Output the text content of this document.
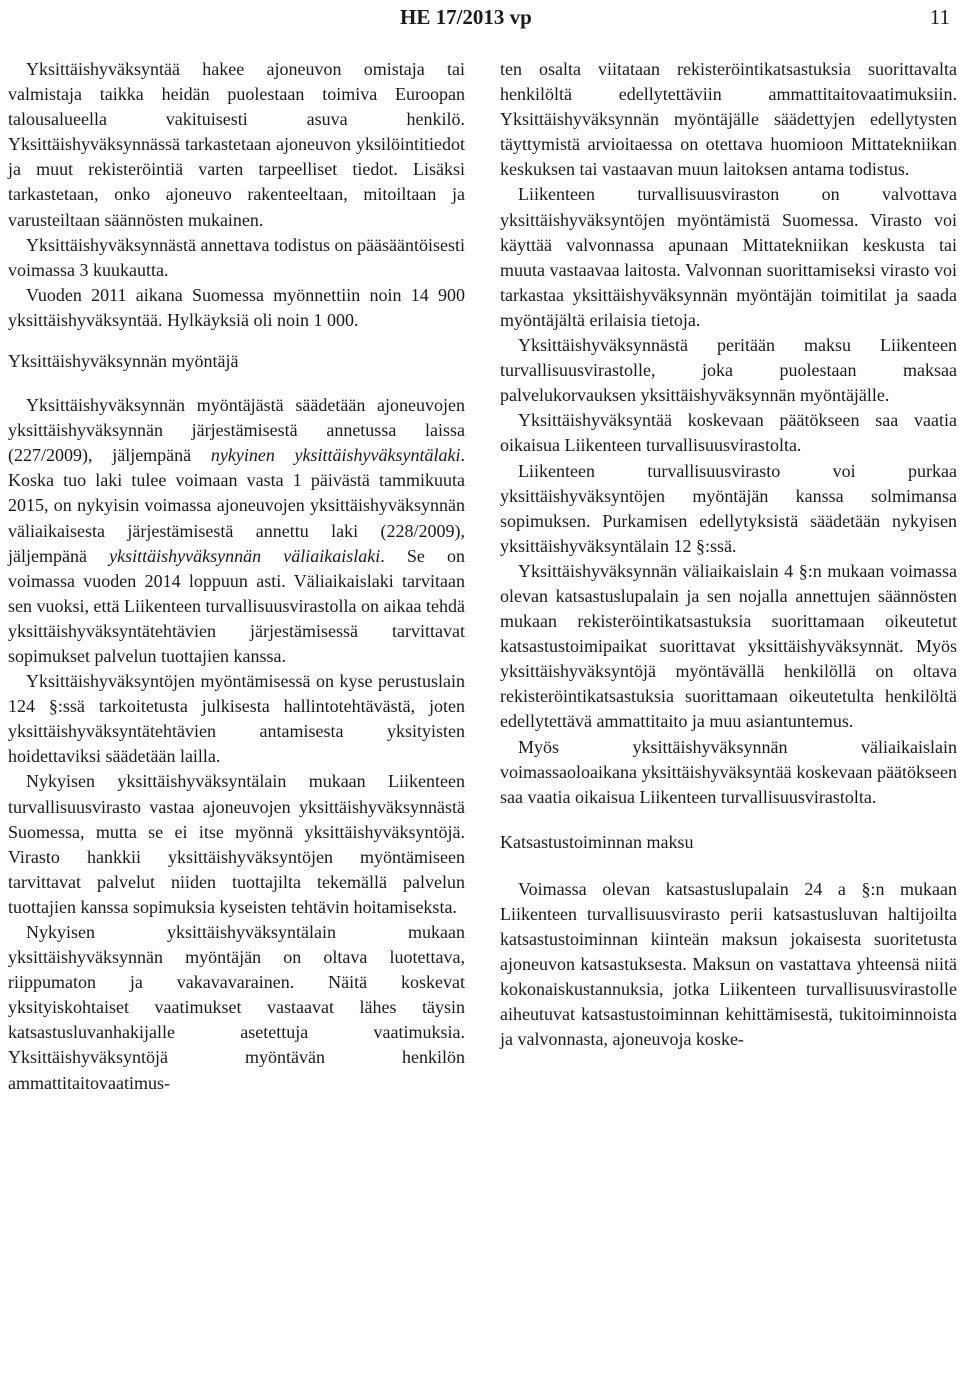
HE 17/2013 vp	11

Yksittäishyväksyntää hakee ajoneuvon omistaja tai valmistaja taikka heidän puolestaan toimiva Euroopan talousalueella vakituisesti asuva henkilö. Yksittäishyväksynnässä tarkastetaan ajoneuvon yksilöintitiedot ja muut rekisteröintiä varten tarpeelliset tiedot. Lisäksi tarkastetaan, onko ajoneuvo rakenteeltaan, mitoiltaan ja varusteiltaan säännösten mukainen.

Yksittäishyväksynnästä annettava todistus on pääsääntöisesti voimassa 3 kuukautta.

Vuoden 2011 aikana Suomessa myönnettiin noin 14 900 yksittäishyväksyntää. Hylkäyksiä oli noin 1 000.

Yksittäishyväksynnän myöntäjä

Yksittäishyväksynnän myöntäjästä säädetään ajoneuvojen yksittäishyväksynnän järjestämisestä annetussa laissa (227/2009), jäljempänä nykyinen yksittäishyväksyntälaki. Koska tuo laki tulee voimaan vasta 1 päivästä tammikuuta 2015, on nykyisin voimassa ajoneuvojen yksittäishyväksynnän väliaikaisesta järjestämisestä annettu laki (228/2009), jäljempänä yksittäishyväksynnän väliaikaislaki. Se on voimassa vuoden 2014 loppuun asti. Väliaikaislaki tarvitaan sen vuoksi, että Liikenteen turvallisuusvirastolla on aikaa tehdä yksittäishyväksyntätehtävien järjestämisessä tarvittavat sopimukset palvelun tuottajien kanssa.

Yksittäishyväksyntöjen myöntämisessä on kyse perustuslain 124 §:ssä tarkoitetusta julkisesta hallintotehtävästä, joten yksittäishyväksyntätehtävien antamisesta yksityisten hoidettaviksi säädetään lailla.

Nykyisen yksittäishyväksyntälain mukaan Liikenteen turvallisuusvirasto vastaa ajoneuvojen yksittäishyväksynnästä Suomessa, mutta se ei itse myönnä yksittäishyväksyntöjä. Virasto hankkii yksittäishyväksyntöjen myöntämiseen tarvittavat palvelut niiden tuottajilta tekemällä palvelun tuottajien kanssa sopimuksia kyseisten tehtävin hoitamiseksta.

Nykyisen yksittäishyväksyntälain mukaan yksittäishyväksynnän myöntäjän on oltava luotettava, riippumaton ja vakavavarainen. Näitä koskevat yksityiskohtaiset vaatimukset vastaavat lähes täysin katsastusluvanhakijalle asetettuja vaatimuksia. Yksittäishyväksyntöjä myöntävän henkilön ammattitaitovaatimus-

ten osalta viitataan rekisteröintikatsastuksia suorittavalta henkilöltä edellytettäviin ammattitaitovaatimuksiin. Yksittäishyväksynnän myöntäjälle säädettyjen edellytysten täyttymistä arvioitaessa on otettava huomioon Mittatekniikan keskuksen tai vastaavan muun laitoksen antama todistus.

Liikenteen turvallisuusviraston on valvottava yksittäishyväksyntöjen myöntämistä Suomessa. Virasto voi käyttää valvonnassa apunaan Mittatekniikan keskusta tai muuta vastaavaa laitosta. Valvonnan suorittamiseksi virasto voi tarkastaa yksittäishyväksynnän myöntäjän toimitilat ja saada myöntäjältä erilaisia tietoja.

Yksittäishyväksynnästä peritään maksu Liikenteen turvallisuusvirastolle, joka puolestaan maksaa palvelukorvauksen yksittäishyväksynnän myöntäjälle.

Yksittäishyväksyntää koskevaan päätökseen saa vaatia oikaisua Liikenteen turvallisuusvirastolta.

Liikenteen turvallisuusvirasto voi purkaa yksittäishyväksyntöjen myöntäjän kanssa solmimansa sopimuksen. Purkamisen edellytyksistä säädetään nykyisen yksittäishyväksyntälain 12 §:ssä.

Yksittäishyväksynnän väliaikaislain 4 §:n mukaan voimassa olevan katsastuslupalain ja sen nojalla annettujen säännösten mukaan rekisteröintikatsastuksia suorittamaan oikeutetut katsastustoimipaikat suorittavat yksittäishyväksynnät. Myös yksittäishyväksyntöjä myöntävällä henkilöllä on oltava rekisteröintikatsastuksia suorittamaan oikeutetulta henkilöltä edellytettävä ammattitaito ja muu asiantuntemus.

Myös yksittäishyväksynnän väliaikaislain voimassaoloaikana yksittäishyväksyntää koskevaan päätökseen saa vaatia oikaisua Liikenteen turvallisuusvirastolta.

Katsastustoiminnan maksu

Voimassa olevan katsastuslupalain 24 a §:n mukaan Liikenteen turvallisuusvirasto perii katsastusluvan haltijoilta katsastustoiminnan kiinteän maksun jokaisesta suoritetusta ajoneuvon katsastuksesta. Maksun on vastattava yhteensä niitä kokonaiskustannuksia, jotka Liikenteen turvallisuusvirastolle aiheutuvat katsastustoiminnan kehittämisestä, tukitoiminnoista ja valvonnasta, ajoneuvoja koske-
